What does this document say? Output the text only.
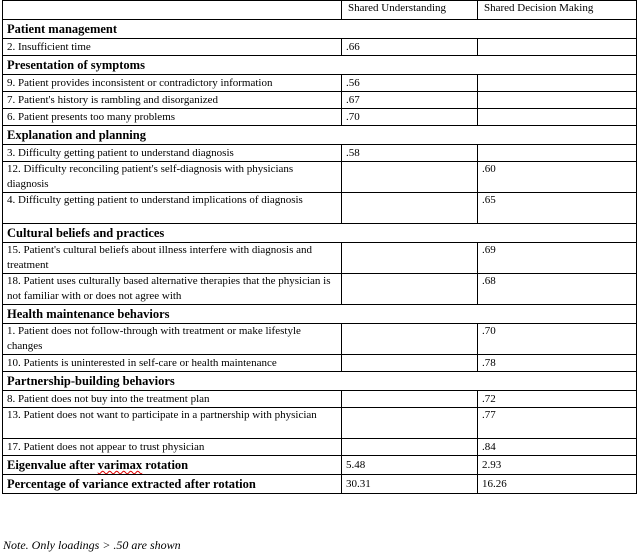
	Shared Understanding	Shared Decision Making
Patient management		
2. Insufficient time	.66	
Presentation of symptoms		
9. Patient provides inconsistent or contradictory information	.56	
7. Patient's history is rambling and disorganized	.67	
6. Patient presents too many problems	.70	
Explanation and planning		
3. Difficulty getting patient to understand diagnosis	.58	
12. Difficulty reconciling patient's self-diagnosis with physicians diagnosis		.60
4. Difficulty getting patient to understand implications of diagnosis		.65
Cultural beliefs and practices		
15. Patient's cultural beliefs about illness interfere with diagnosis and treatment		.69
18. Patient uses culturally based alternative therapies that the physician is not familiar with or does not agree with		.68
Health maintenance behaviors		
1. Patient does not follow-through with treatment or make lifestyle changes		.70
10. Patients is uninterested in self-care or health maintenance		.78
Partnership-building behaviors		
8. Patient does not buy into the treatment plan		.72
13. Patient does not want to participate in a partnership with physician		.77
17. Patient does not appear to trust physician		.84
Eigenvalue after varimax rotation	5.48	2.93
Percentage of variance extracted after rotation	30.31	16.26
Note. Only loadings > .50 are shown
